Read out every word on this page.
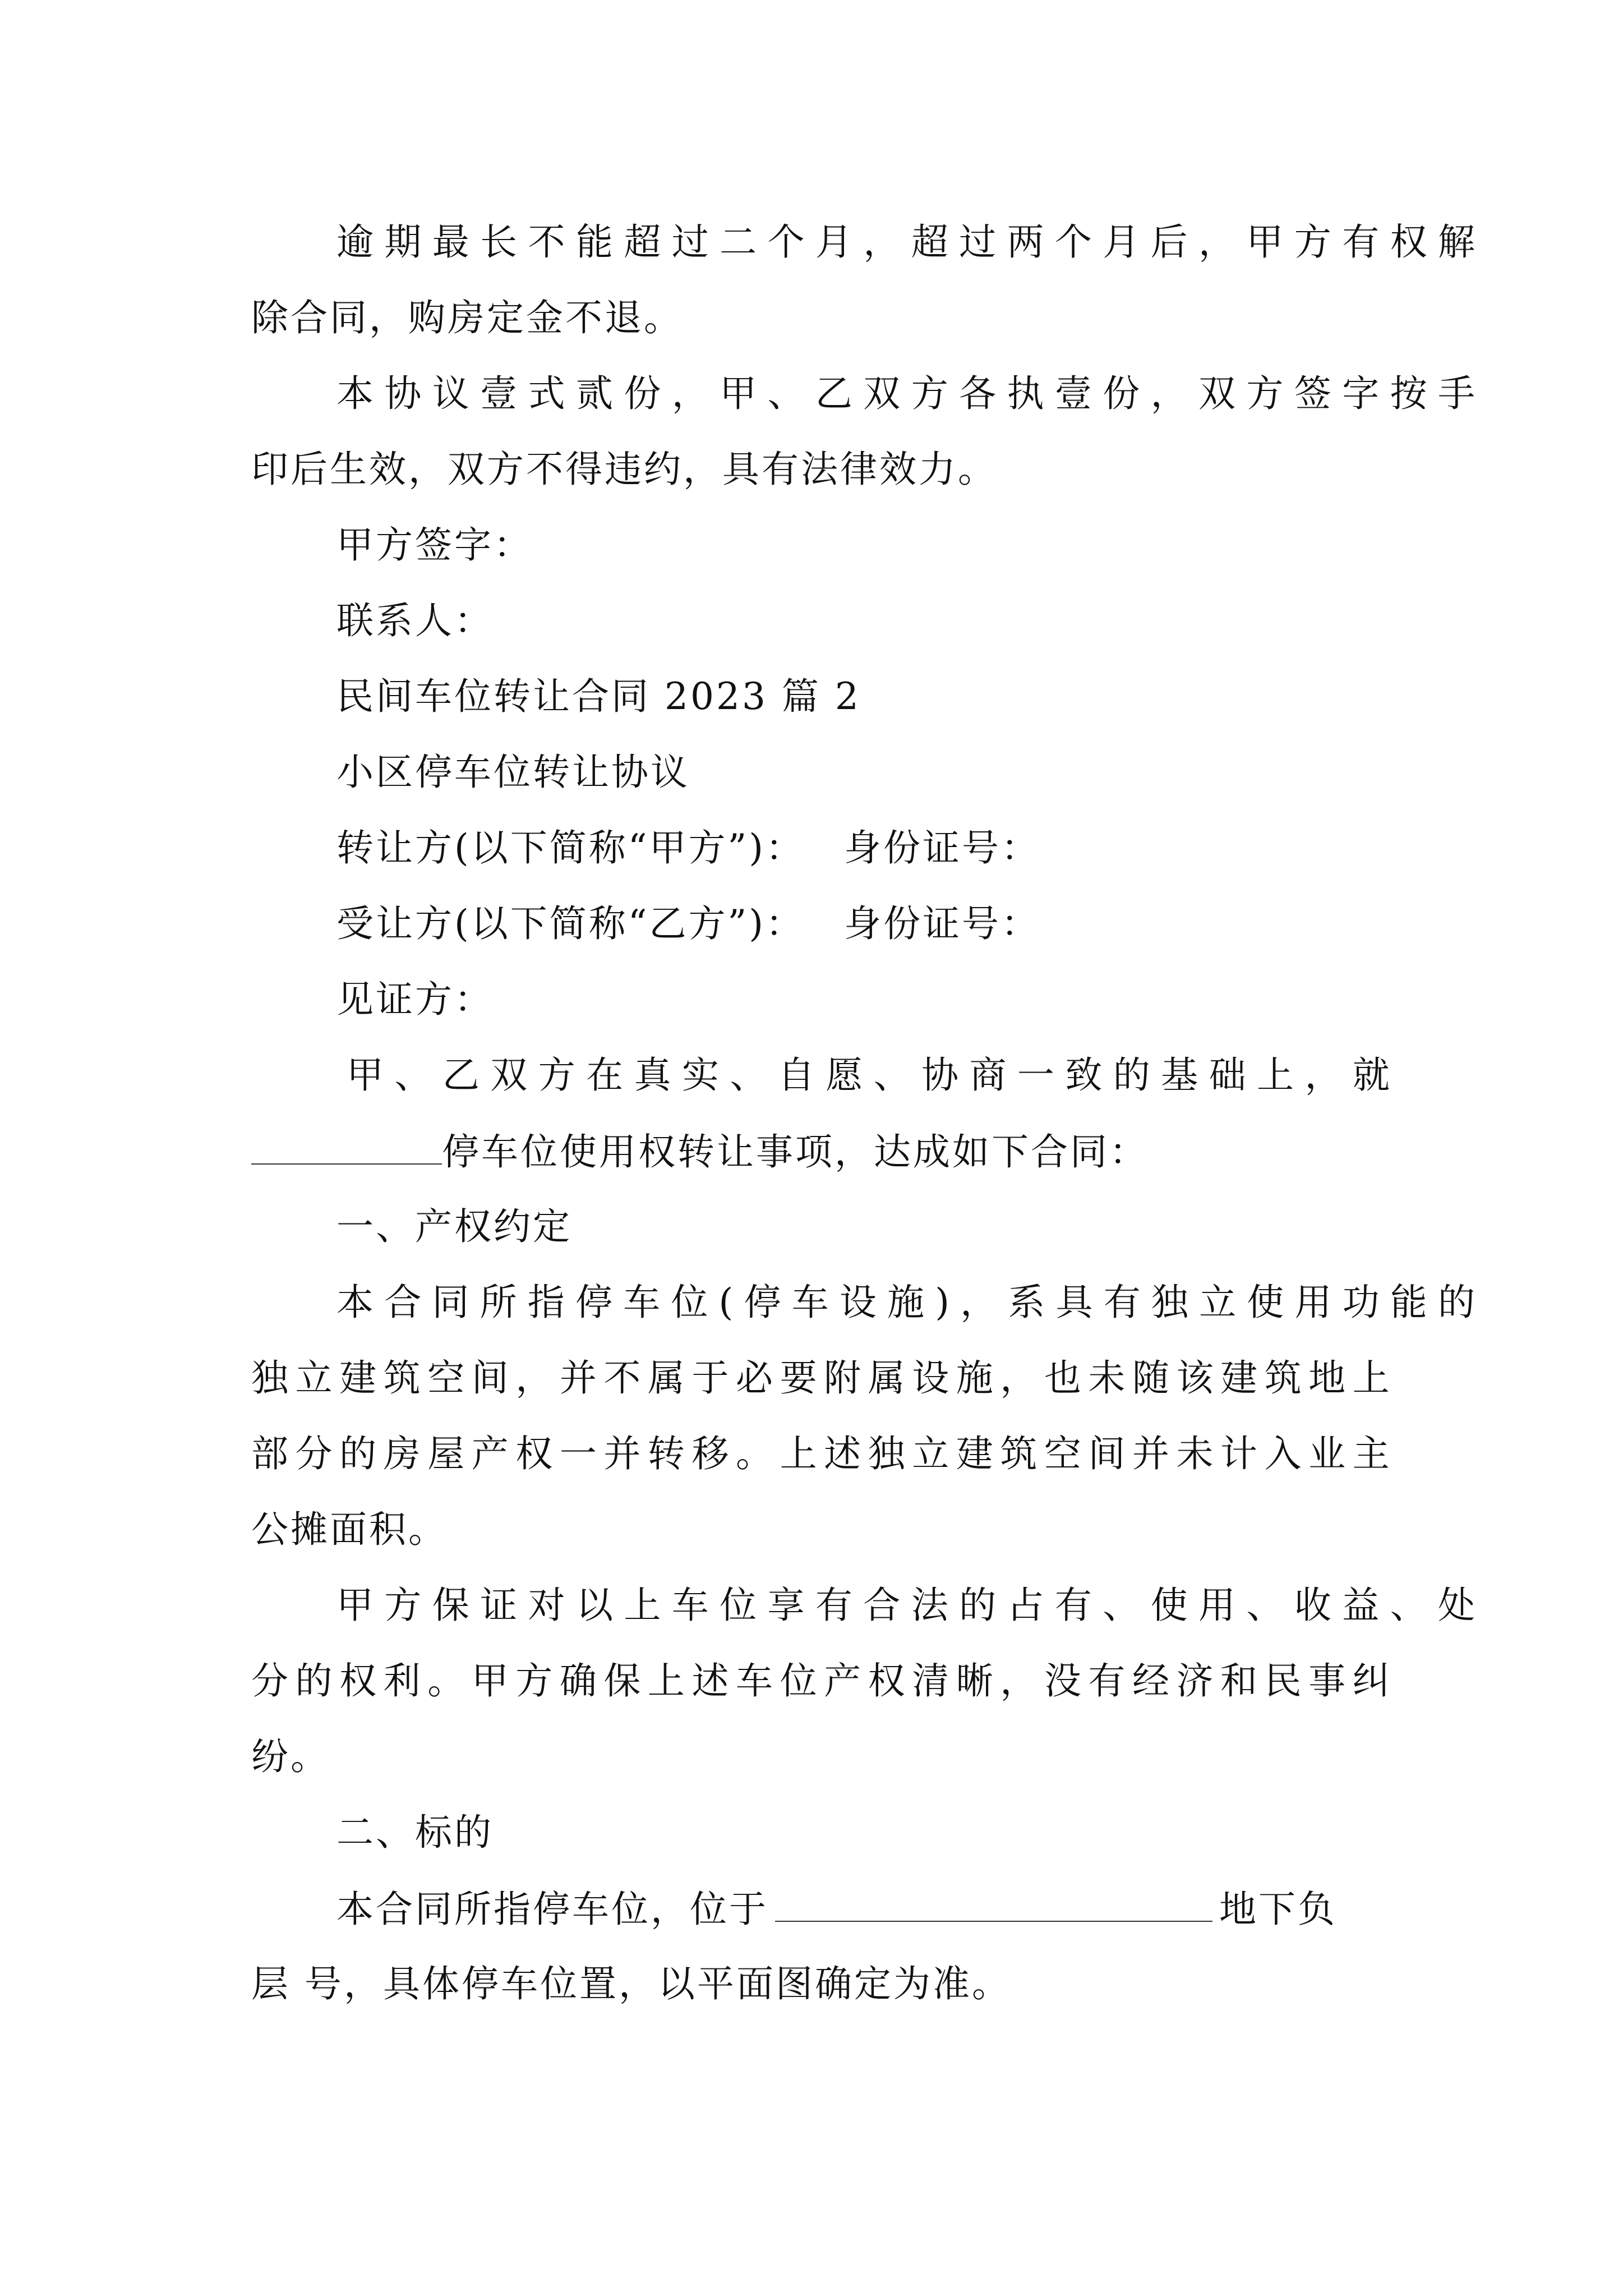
逾 期 最 长 不 能 超 过 二 个 月 ， 超 过 两 个 月 后 ， 甲 方 有 权 解
除合同，购房定金不退。
本 协 议 壹 式 贰 份 ， 甲 、 乙 双 方 各 执 壹 份 ， 双 方 签 字 按 手
印后生效，双方不得违约，具有法律效力。
甲方签字：
联系人：
民间车位转让合同 2023 篇 2
小区停车位转让协议
转让方(以下简称“甲方”)： 身份证号：
受让方(以下简称“乙方”)： 身份证号：
见证方：
甲 、 乙 双 方 在 真 实 、 自 愿 、 协 商 一 致 的 基 础 上 ， 就
停车位使用权转让事项，达成如下合同：
一、产权约定
本 合 同 所 指 停 车 位 ( 停 车 设 施 ) ， 系 具 有 独 立 使 用 功 能 的
独 立 建 筑 空 间 ， 并 不 属 于 必 要 附 属 设 施 ， 也 未 随 该 建 筑 地 上
部 分 的 房 屋 产 权 一 并 转 移 。 上 述 独 立 建 筑 空 间 并 未 计 入 业 主
公摊面积。
甲 方 保 证 对 以 上 车 位 享 有 合 法 的 占 有 、 使 用 、 收 益 、 处
分 的 权 利 。 甲 方 确 保 上 述 车 位 产 权 清 晰 ， 没 有 经 济 和 民 事 纠
纷。
二、标的
本合同所指停车位，位于	地下负
层 号，具体停车位置，以平面图确定为准。
